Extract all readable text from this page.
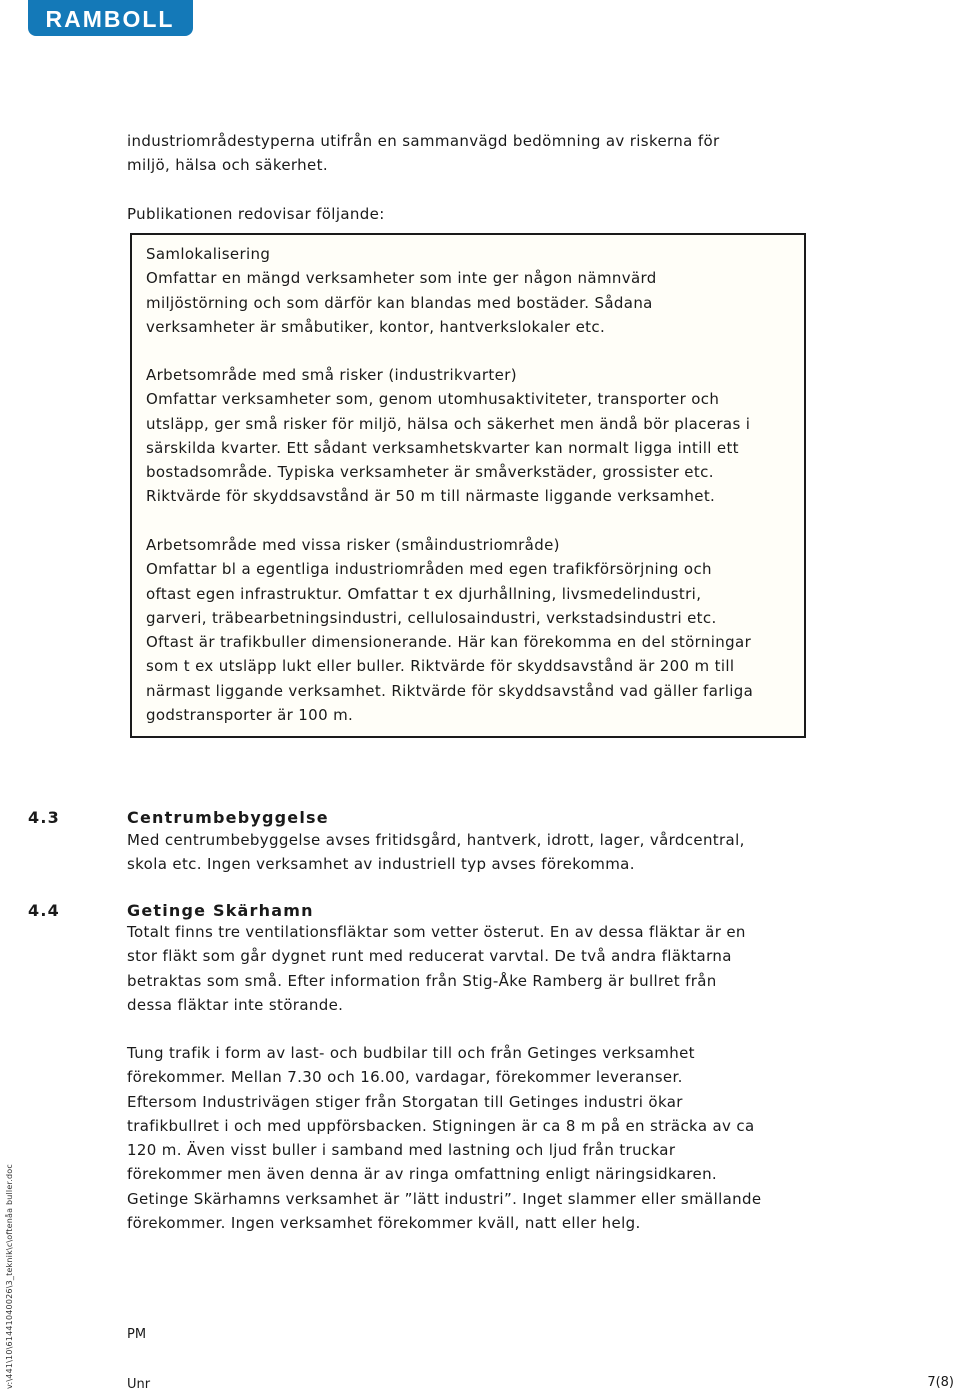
RAMBOLL
industriområdestyperna utifrån en sammanvägd bedömning av riskerna för
miljö, hälsa och säkerhet.
Publikationen redovisar följande:
Samlokalisering
Omfattar en mängd verksamheter som inte ger någon nämnvärd
miljöstörning och som därför kan blandas med bostäder. Sådana
verksamheter är småbutiker, kontor, hantverkslokaler etc.
Arbetsområde med små risker (industrikvarter)
Omfattar verksamheter som, genom utomhusaktiviteter, transporter och
utsläpp, ger små risker för miljö, hälsa och säkerhet men ändå bör placeras i
särskilda kvarter. Ett sådant verksamhetskvarter kan normalt ligga intill ett
bostadsområde. Typiska verksamheter är småverkstäder, grossister etc.
Riktvärde för skyddsavstånd är 50 m till närmaste liggande verksamhet.
Arbetsområde med vissa risker (småindustriområde)
Omfattar bl a egentliga industriområden med egen trafikförsörjning och
oftast egen infrastruktur. Omfattar t ex djurhållning, livsmedelindustri,
garveri, träbearbetningsindustri, cellulosaindustri, verkstadsindustri etc.
Oftast är trafikbuller dimensionerande. Här kan förekomma en del störningar
som t ex utsläpp lukt eller buller. Riktvärde för skyddsavstånd är 200 m till
närmast liggande verksamhet. Riktvärde för skyddsavstånd vad gäller farliga
godstransporter är 100 m.
4.3	Centrumbebyggelse
Med centrumbebyggelse avses fritidsgård, hantverk, idrott, lager, vårdcentral,
skola etc. Ingen verksamhet av industriell typ avses förekomma.
4.4	Getinge Skärhamn
Totalt finns tre ventilationsfläktar som vetter österut. En av dessa fläktar är en
stor fläkt som går dygnet runt med reducerat varvtal. De två andra fläktarna
betraktas som små. Efter information från Stig-Åke Ramberg är bullret från
dessa fläktar inte störande.
Tung trafik i form av last- och budbilar till och från Getinges verksamhet
förekommer. Mellan 7.30 och 16.00, vardagar, förekommer leveranser.
Eftersom Industrivägen stiger från Storgatan till Getinges industri ökar
trafikbullret i och med uppförsbacken. Stigningen är ca 8 m på en sträcka av ca
120 m. Även visst buller i samband med lastning och ljud från truckar
förekommer men även denna är av ringa omfattning enligt näringsidkaren.
Getinge Skärhamns verksamhet är ”lätt industri”. Inget slammer eller smällande
förekommer. Ingen verksamhet förekommer kväll, natt eller helg.
v:\441\10\61441040026\3_teknik\c\oftenåa buller.doc	PM
Unr	7(8)
